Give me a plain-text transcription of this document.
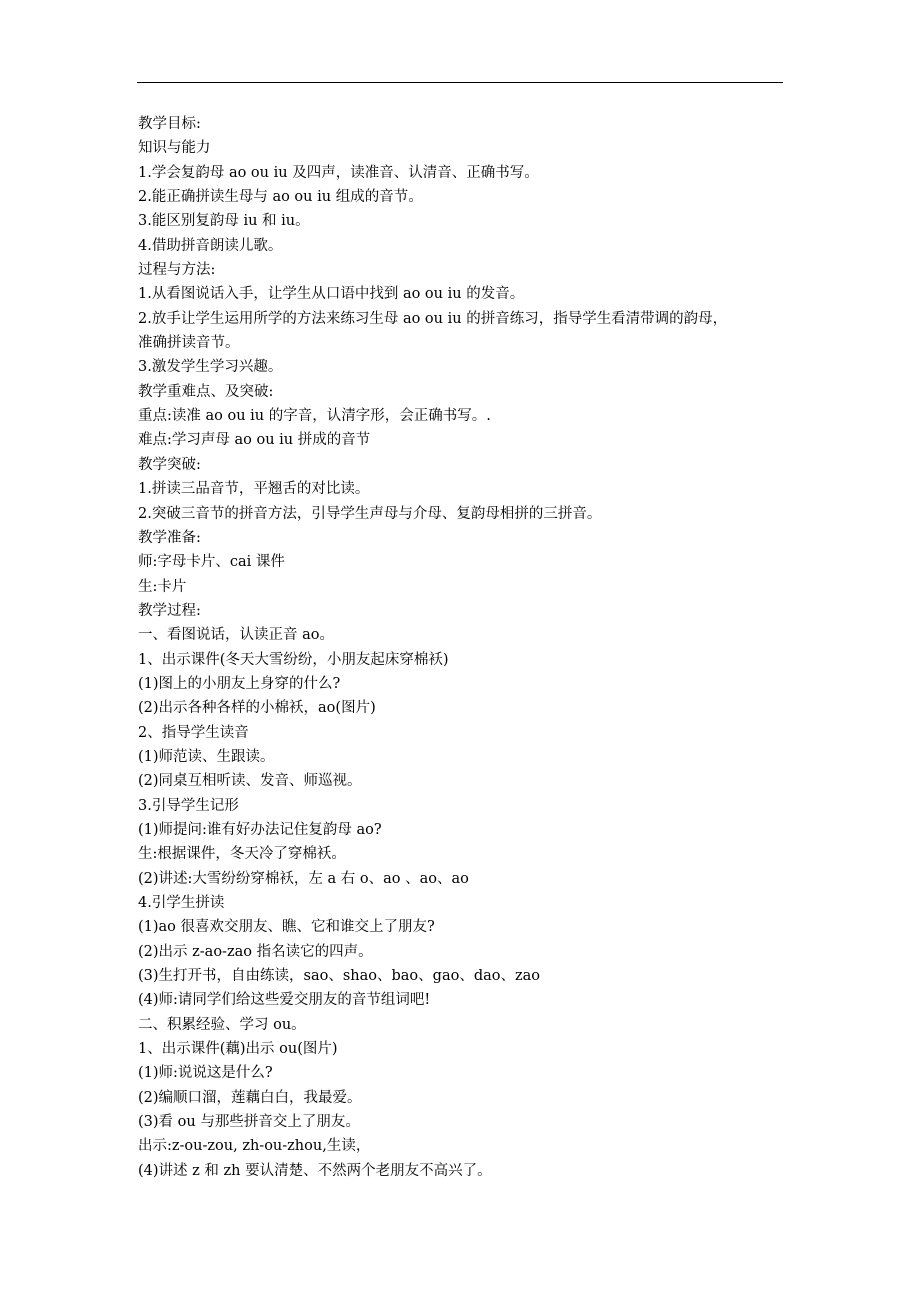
教学目标:
知识与能力
1.学会复韵母 ao ou iu 及四声，读准音、认清音、正确书写。
2.能正确拼读生母与 ao ou iu 组成的音节。
3.能区别复韵母 iu 和 iu。
4.借助拼音朗读儿歌。
过程与方法:
1.从看图说话入手，让学生从口语中找到 ao ou iu 的发音。
2.放手让学生运用所学的方法来练习生母 ao ou iu 的拼音练习，指导学生看清带调的韵母，
准确拼读音节。
3.激发学生学习兴趣。
教学重难点、及突破:
重点:读准 ao ou iu 的字音，认清字形，会正确书写。.
难点:学习声母 ao ou iu 拼成的音节
教学突破:
1.拼读三品音节，平翘舌的对比读。
2.突破三音节的拼音方法，引导学生声母与介母、复韵母相拼的三拼音。
教学准备:
师:字母卡片、cai 课件
生:卡片
教学过程:
一、看图说话，认读正音 ao。
1、出示课件(冬天大雪纷纷，小朋友起床穿棉袄)
(1)图上的小朋友上身穿的什么?
(2)出示各种各样的小棉袄，ao(图片)
2、指导学生读音
(1)师范读、生跟读。
(2)同桌互相听读、发音、师巡视。
3.引导学生记形
(1)师提问:谁有好办法记住复韵母 ao?
生:根据课件，冬天冷了穿棉袄。
(2)讲述:大雪纷纷穿棉袄，左 a 右 o、ao 、ao、ao
4.引学生拼读
(1)ao 很喜欢交朋友、瞧、它和谁交上了朋友?
(2)出示 z-ao-zao 指名读它的四声。
(3)生打开书，自由练读，sao、shao、bao、gao、dao、zao
(4)师:请同学们给这些爱交朋友的音节组词吧!
二、积累经验、学习 ou。
1、出示课件(藕)出示 ou(图片)
(1)师:说说这是什么?
(2)编顺口溜，莲藕白白，我最爱。
(3)看 ou 与那些拼音交上了朋友。
出示:z-ou-zou, zh-ou-zhou,生读，
(4)讲述 z 和 zh 要认清楚、不然两个老朋友不高兴了。
